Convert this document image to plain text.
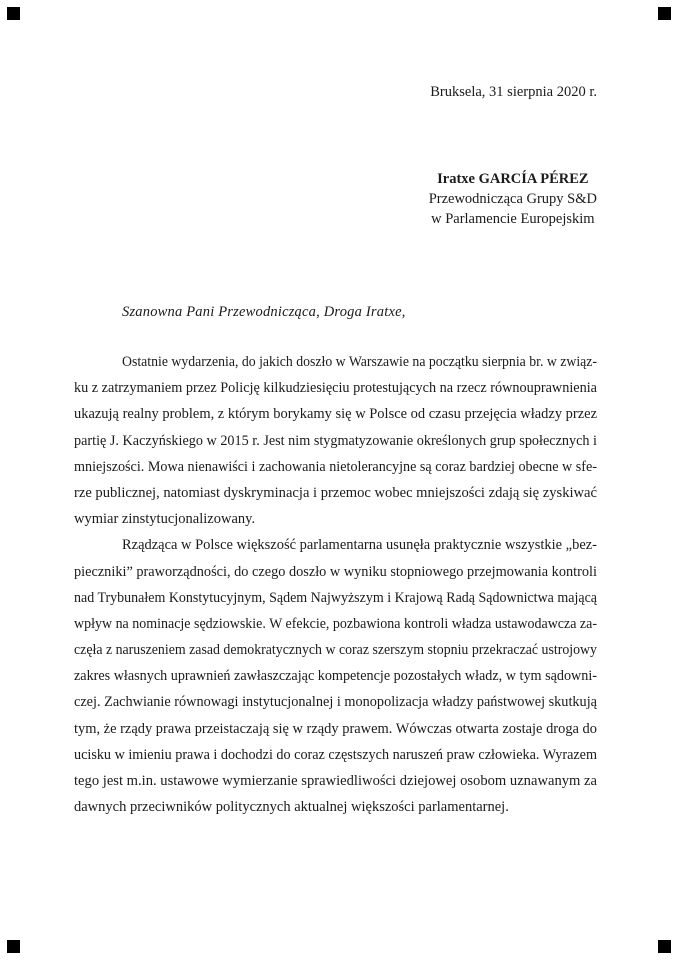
Bruksela, 31 sierpnia 2020 r.
Iratxe GARCÍA PÉREZ
Przewodnicząca Grupy S&D
w Parlamencie Europejskim
Szanowna Pani Przewodnicząca, Droga Iratxe,
Ostatnie wydarzenia, do jakich doszło w Warszawie na początku sierpnia br. w związ-
ku z zatrzymaniem przez Policję kilkudziesięciu protestujących na rzecz równouprawnienia
ukazują realny problem, z którym borykamy się w Polsce od czasu przejęcia władzy przez
partię J. Kaczyńskiego w 2015 r. Jest nim stygmatyzowanie określonych grup społecznych i
mniejszości. Mowa nienawiści i zachowania nietolerancyjne są coraz bardziej obecne w sfe-
rze publicznej, natomiast dyskryminacja i przemoc wobec mniejszości zdają się zyskiwać
wymiar zinstytucjonalizowany.
Rządząca w Polsce większość parlamentarna usunęła praktycznie wszystkie „bez-
pieczniki” praworządności, do czego doszło w wyniku stopniowego przejmowania kontroli
nad Trybunałem Konstytucyjnym, Sądem Najwyższym i Krajową Radą Sądownictwa mającą
wpływ na nominacje sędziowskie. W efekcie, pozbawiona kontroli władza ustawodawcza za-
częła z naruszeniem zasad demokratycznych w coraz szerszym stopniu przekraczać ustrojowy
zakres własnych uprawnień zawłaszczając kompetencje pozostałych władz, w tym sądowni-
czej. Zachwianie równowagi instytucjonalnej i monopolizacja władzy państwowej skutkują
tym, że rządy prawa przeistaczają się w rządy prawem. Wówczas otwarta zostaje droga do
ucisku w imieniu prawa i dochodzi do coraz częstszych naruszeń praw człowieka. Wyrazem
tego jest m.in. ustawowe wymierzanie sprawiedliwości dziejowej osobom uznawanym za
dawnych przeciwników politycznych aktualnej większości parlamentarnej.
